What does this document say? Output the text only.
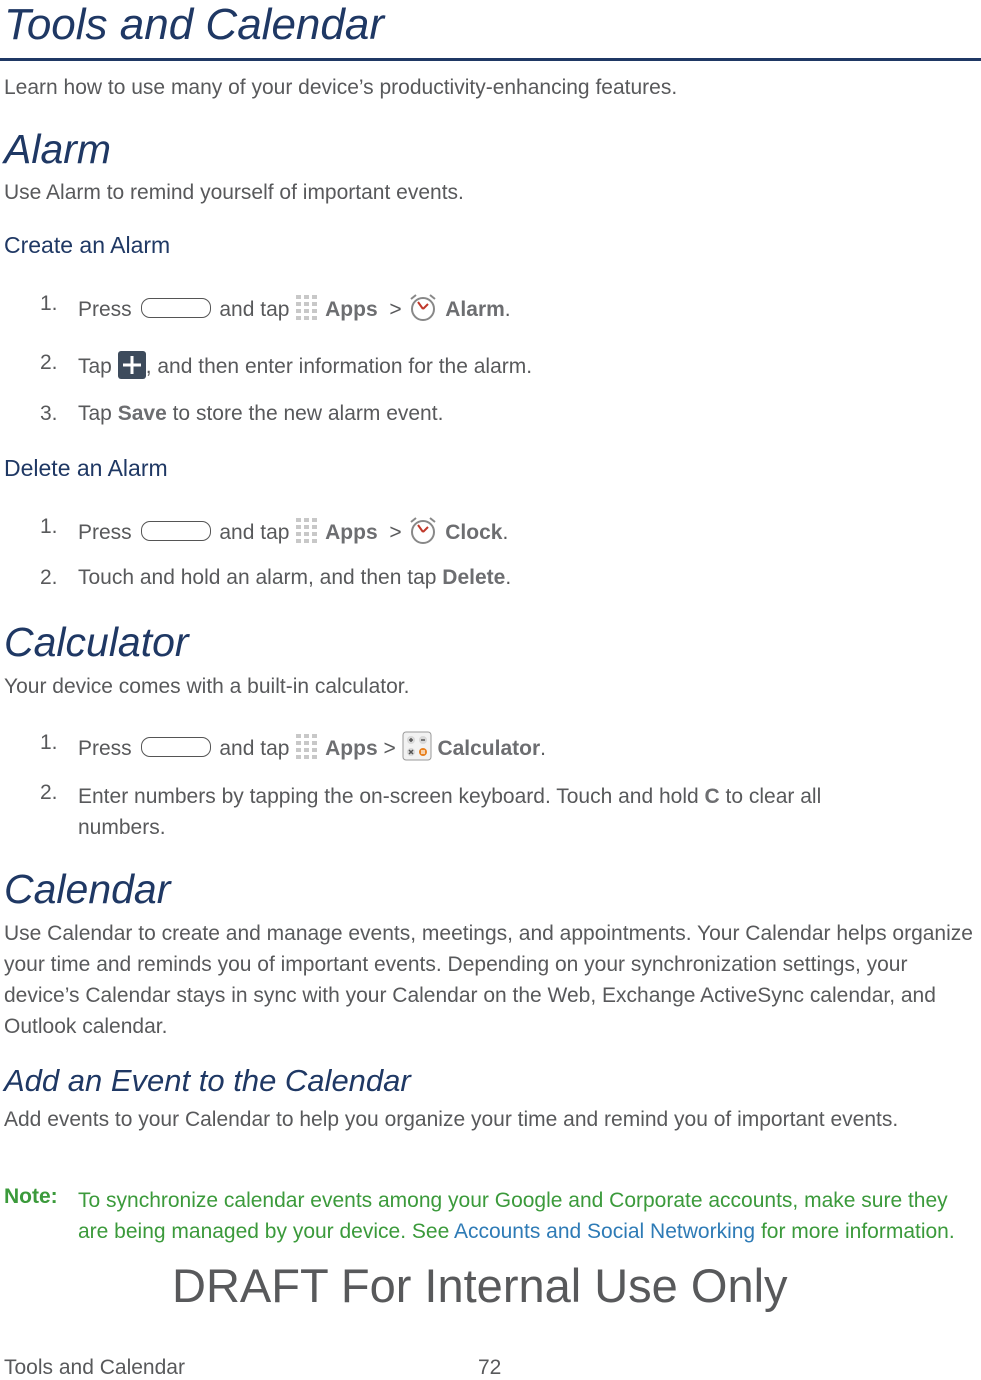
Tools and Calendar
Learn how to use many of your device’s productivity-enhancing features.
Alarm
Use Alarm to remind yourself of important events.
Create an Alarm
1. Press	and tap Apps > Alarm.
2. Tap , and then enter information for the alarm.
3. Tap Save to store the new alarm event.
Delete an Alarm
1. Press	and tap Apps > Clock.
2. Touch and hold an alarm, and then tap Delete.
Calculator
Your device comes with a built-in calculator.
1. Press	and tap Apps > Calculator.
2. Enter numbers by tapping the on-screen keyboard. Touch and hold C to clear all numbers.
Calendar
Use Calendar to create and manage events, meetings, and appointments. Your Calendar helps organize your time and reminds you of important events. Depending on your synchronization settings, your device’s Calendar stays in sync with your Calendar on the Web, Exchange ActiveSync calendar, and Outlook calendar.
Add an Event to the Calendar
Add events to your Calendar to help you organize your time and remind you of important events.
Note: To synchronize calendar events among your Google and Corporate accounts, make sure they are being managed by your device. See Accounts and Social Networking for more information.
DRAFT For Internal Use Only
Tools and Calendar	72
